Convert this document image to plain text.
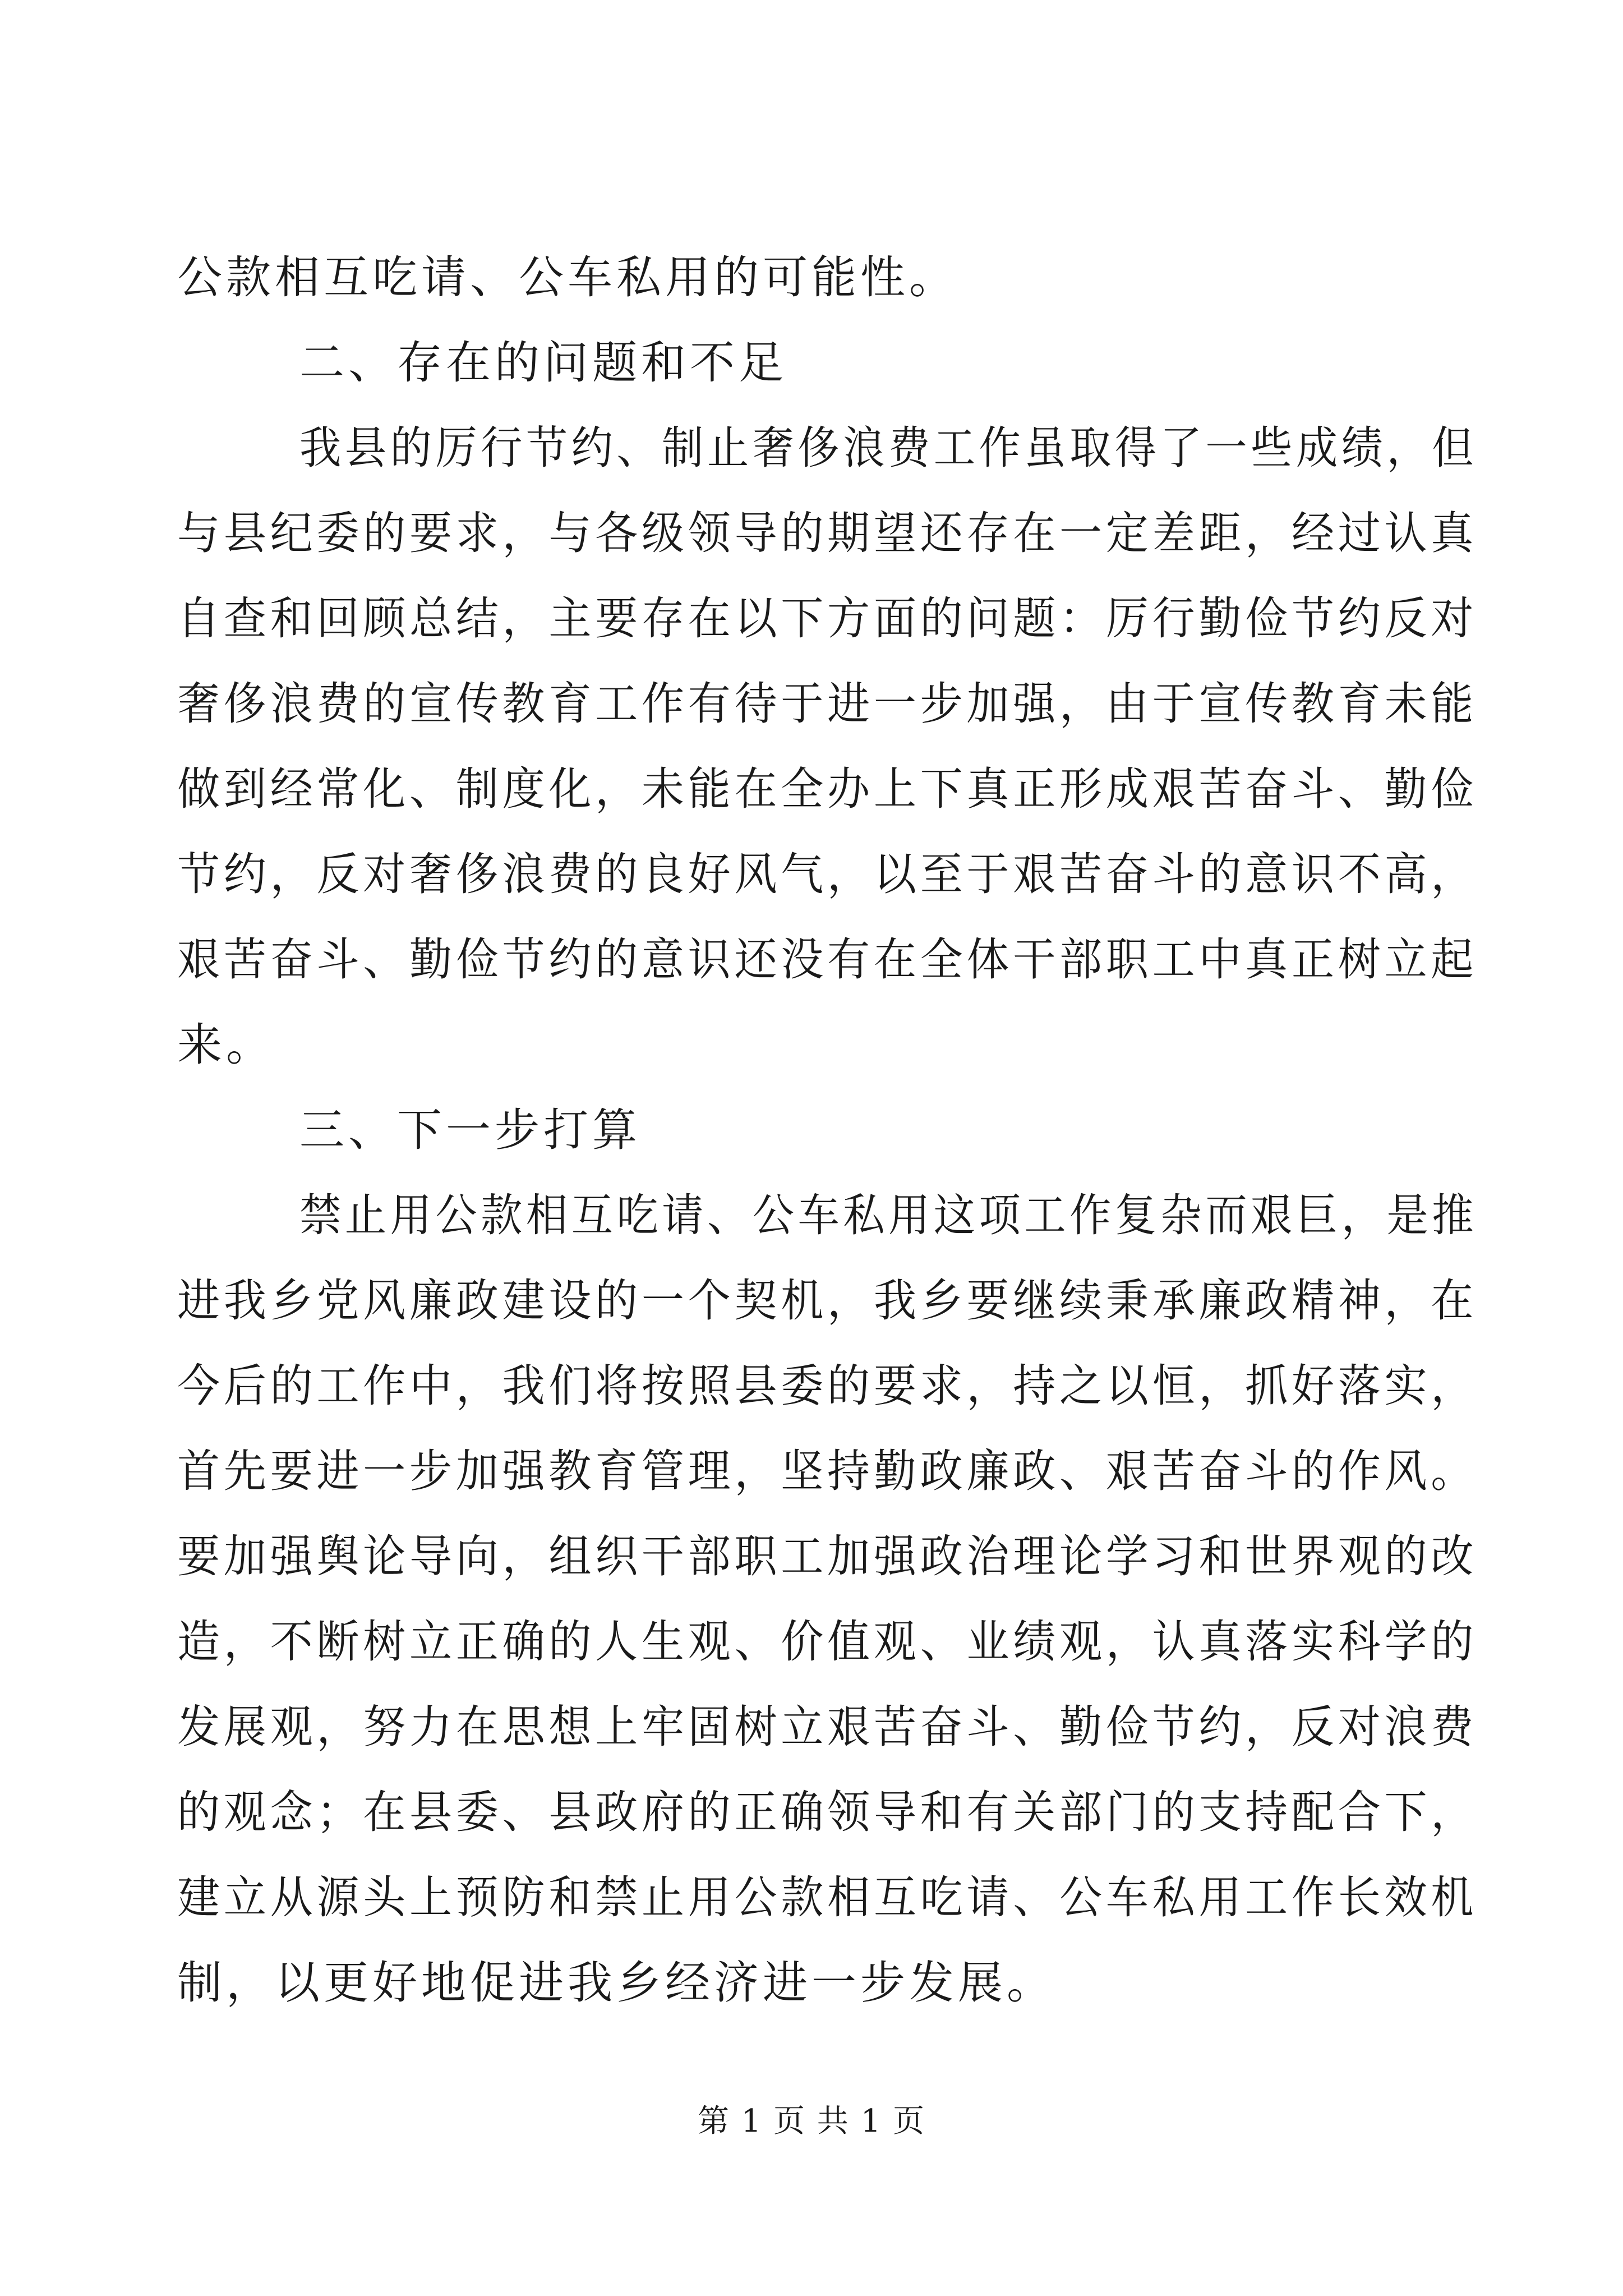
公款相互吃请、公车私用的可能性。
二、存在的问题和不足
我县的厉行节约、制止奢侈浪费工作虽取得了一些成绩，但
与县纪委的要求，与各级领导的期望还存在一定差距，经过认真
自查和回顾总结，主要存在以下方面的问题：厉行勤俭节约反对
奢侈浪费的宣传教育工作有待于进一步加强，由于宣传教育未能
做到经常化、制度化，未能在全办上下真正形成艰苦奋斗、勤俭
节约，反对奢侈浪费的良好风气，以至于艰苦奋斗的意识不高，
艰苦奋斗、勤俭节约的意识还没有在全体干部职工中真正树立起
来。
三、下一步打算
禁止用公款相互吃请、公车私用这项工作复杂而艰巨，是推
进我乡党风廉政建设的一个契机，我乡要继续秉承廉政精神，在
今后的工作中，我们将按照县委的要求，持之以恒，抓好落实，
首先要进一步加强教育管理，坚持勤政廉政、艰苦奋斗的作风。
要加强舆论导向，组织干部职工加强政治理论学习和世界观的改
造，不断树立正确的人生观、价值观、业绩观，认真落实科学的
发展观，努力在思想上牢固树立艰苦奋斗、勤俭节约，反对浪费
的观念；在县委、县政府的正确领导和有关部门的支持配合下，
建立从源头上预防和禁止用公款相互吃请、公车私用工作长效机
制，以更好地促进我乡经济进一步发展。
第 1 页 共 1 页
